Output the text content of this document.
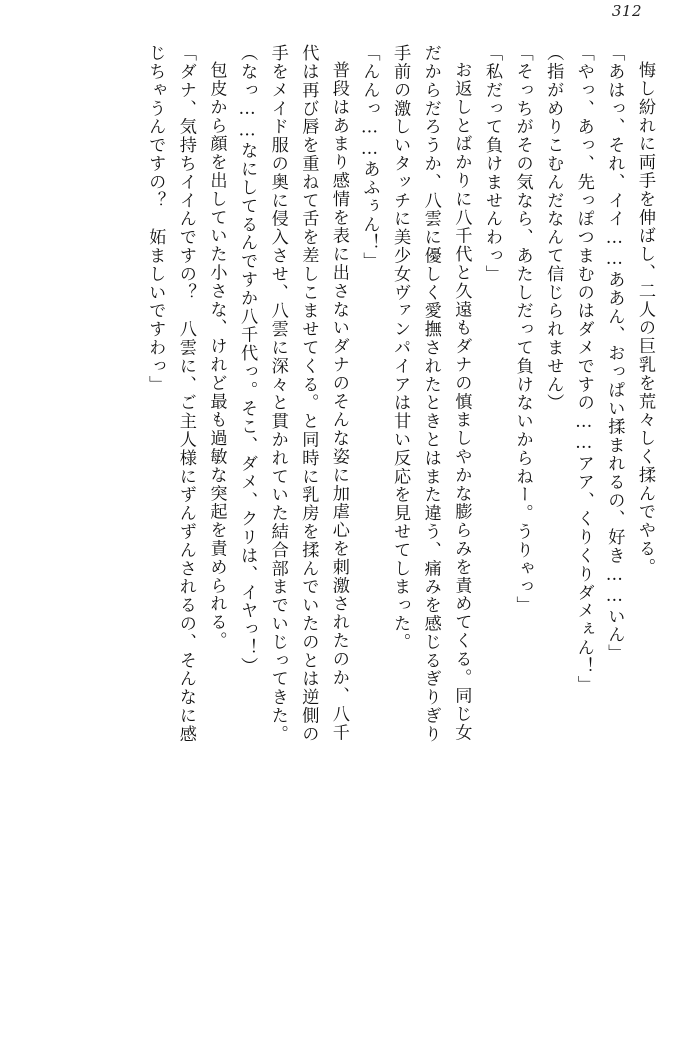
312
悔し紛れに両手を伸ばし、二人の巨乳を荒々しく揉んでやる。
「あはっ、それ、イイ……ああん、おっぱい揉まれるの、好き……いん」
「やっ、あっ、先っぽつまむのはダメですの……アア、くりくりダメぇん！」
（指がめりこむんだなんて信じられません）
「そっちがその気なら、あたしだって負けないからねー。うりゃっ」
「私だって負けませんわっ」
お返しとばかりに八千代と久遠もダナの慎ましやかな膨らみを責めてくる。同じ女
だからだろうか、八雲に優しく愛撫されたときとはまた違う、痛みを感じるぎりぎり
手前の激しいタッチに美少女ヴァンパイアは甘い反応を見せてしまった。
「んんっ……あふぅん！」
普段はあまり感情を表に出さないダナのそんな姿に加虐心を刺激されたのか、八千
代は再び唇を重ねて舌を差しこませてくる。と同時に乳房を揉んでいたのとは逆側の
手をメイド服の奥に侵入させ、八雲に深々と貫かれていた結合部までいじってきた。
（なっ……なにしてるんですか八千代っ。そこ、ダメ、クリは、イヤっ！）
包皮から顔を出していた小さな、けれど最も過敏な突起を責められる。
「ダナ、気持ちイイんですの？　八雲に、ご主人様にずんずんされるの、そんなに感
じちゃうんですの？　妬ましいですわっ」
